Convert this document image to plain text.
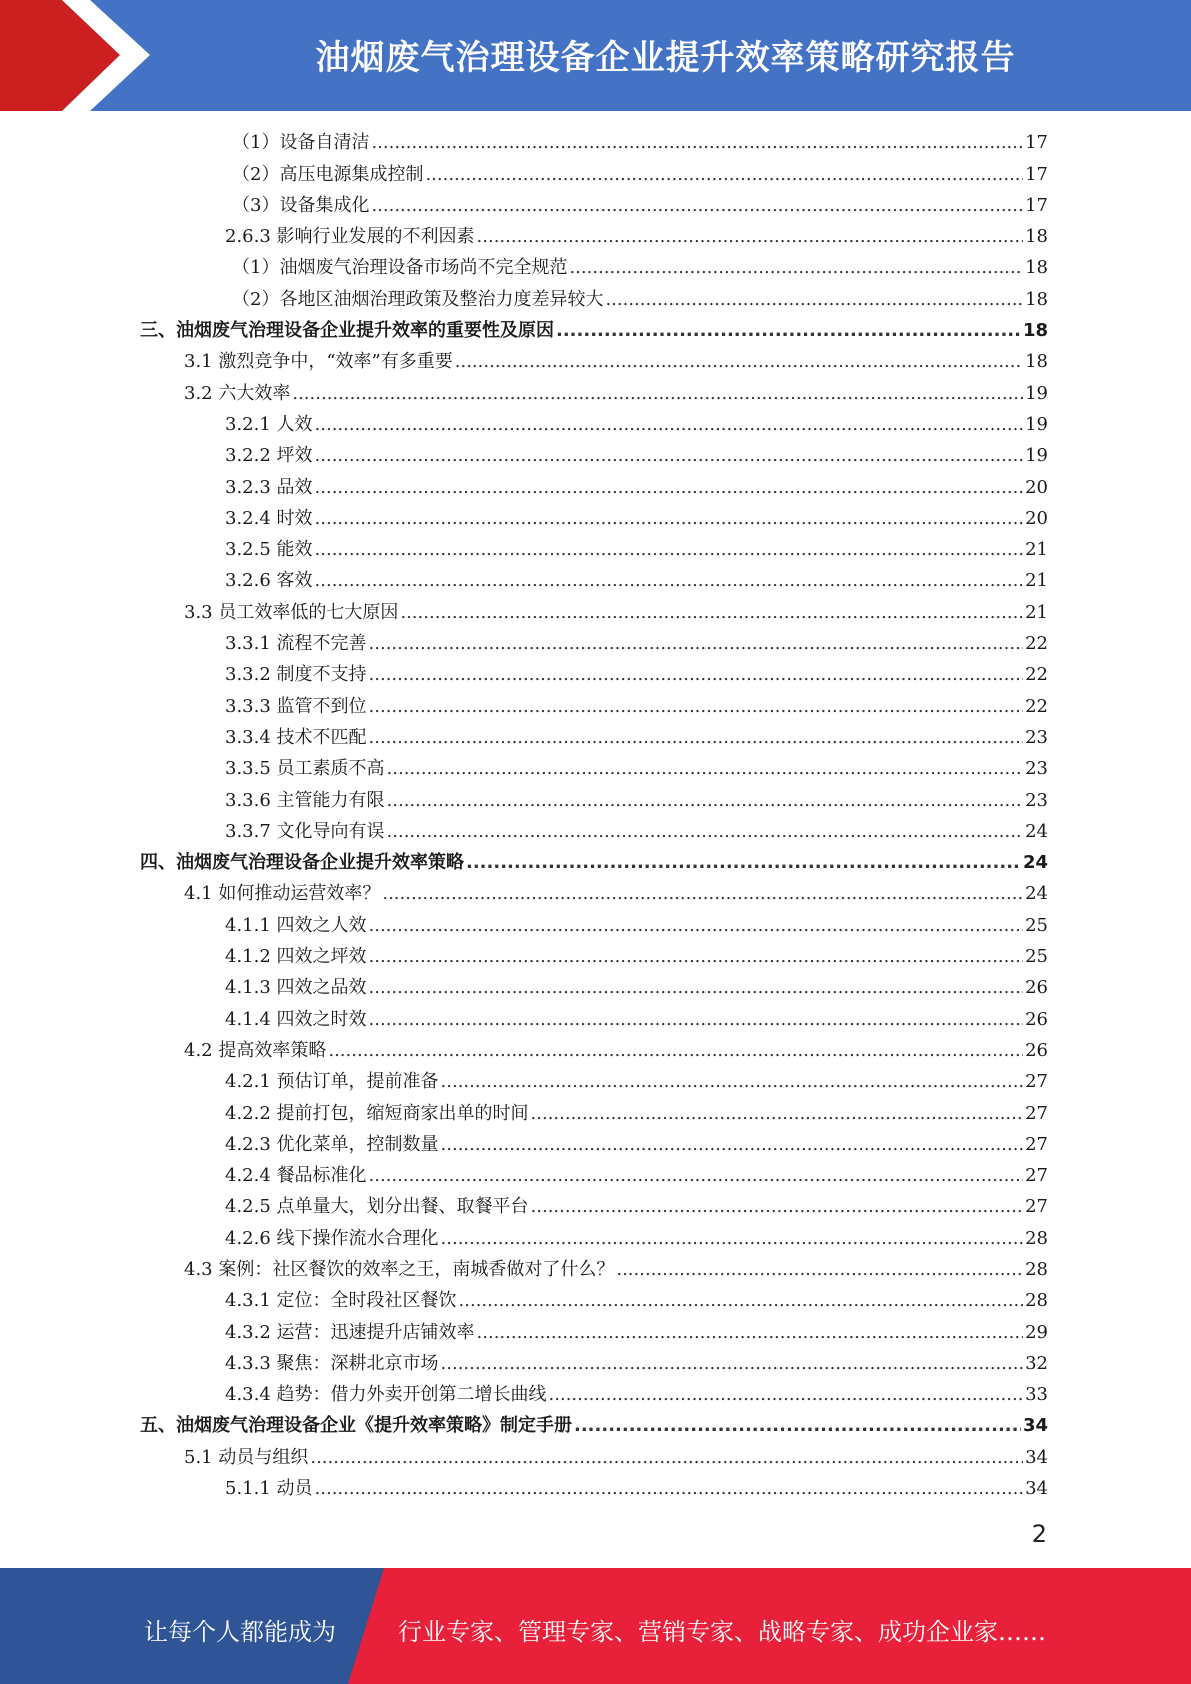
油烟废气治理设备企业提升效率策略研究报告
（1）设备自清洁 .....	17
（2）高压电源集成控制 .....	17
（3）设备集成化 .....	17
2.6.3 影响行业发展的不利因素 .....	18
（1）油烟废气治理设备市场尚不完全规范 .....	18
（2）各地区油烟治理政策及整治力度差异较大 .....	18
三、油烟废气治理设备企业提升效率的重要性及原因 .....	18
3.1 激烈竞争中，“效率”有多重要 .....	18
3.2 六大效率 .....	19
3.2.1 人效 .....	19
3.2.2 坪效 .....	19
3.2.3 品效 .....	20
3.2.4 时效 .....	20
3.2.5 能效 .....	21
3.2.6 客效 .....	21
3.3 员工效率低的七大原因 .....	21
3.3.1 流程不完善 .....	22
3.3.2 制度不支持 .....	22
3.3.3 监管不到位 .....	22
3.3.4 技术不匹配 .....	23
3.3.5 员工素质不高 .....	23
3.3.6 主管能力有限 .....	23
3.3.7 文化导向有误 .....	24
四、油烟废气治理设备企业提升效率策略 .....	24
4.1 如何推动运营效率？ .....	24
4.1.1 四效之人效 .....	25
4.1.2 四效之坪效 .....	25
4.1.3 四效之品效 .....	26
4.1.4 四效之时效 .....	26
4.2 提高效率策略 .....	26
4.2.1 预估订单，提前准备 .....	27
4.2.2 提前打包，缩短商家出单的时间 .....	27
4.2.3 优化菜单，控制数量 .....	27
4.2.4 餐品标准化 .....	27
4.2.5 点单量大，划分出餐、取餐平台 .....	27
4.2.6 线下操作流水合理化 .....	28
4.3 案例：社区餐饮的效率之王，南城香做对了什么？ .....	28
4.3.1 定位：全时段社区餐饮 .....	28
4.3.2 运营：迅速提升店铺效率 .....	29
4.3.3 聚焦：深耕北京市场 .....	32
4.3.4 趋势：借力外卖开创第二增长曲线 .....	33
五、油烟废气治理设备企业《提升效率策略》制定手册 .....	34
5.1 动员与组织 .....	34
5.1.1 动员 .....	34
2
让每个人都能成为	行业专家、管理专家、营销专家、战略专家、成功企业家……
